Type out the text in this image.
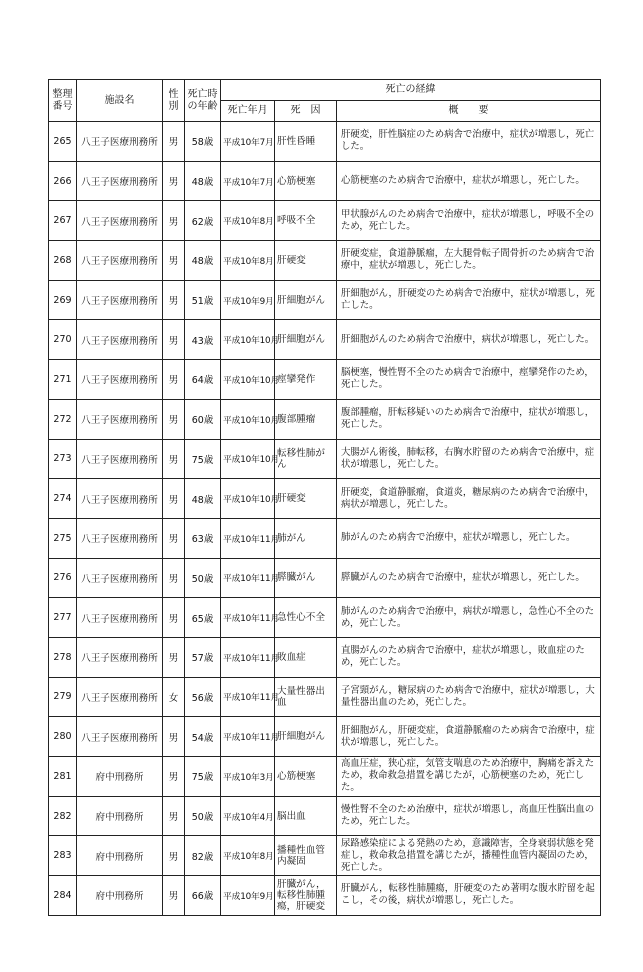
整理番号	施設名	性別	死亡時の年齢	死亡の経緯		
				死亡年月	死　因	概　　要
265	八王子医療刑務所	男	58歳	平成10年7月	肝性昏睡	肝硬変，肝性脳症のため病舎で治療中，症状が増悪し，死亡した。
266	八王子医療刑務所	男	48歳	平成10年7月	心筋梗塞	心筋梗塞のため病舎で治療中，症状が増悪し，死亡した。
267	八王子医療刑務所	男	62歳	平成10年8月	呼吸不全	甲状腺がんのため病舎で治療中，症状が増悪し，呼吸不全のため，死亡した。
268	八王子医療刑務所	男	48歳	平成10年8月	肝硬変	肝硬変症，食道静脈瘤，左大腿骨転子間骨折のため病舎で治療中，症状が増悪し，死亡した。
269	八王子医療刑務所	男	51歳	平成10年9月	肝細胞がん	肝細胞がん，肝硬変のため病舎で治療中，症状が増悪し，死亡した。
270	八王子医療刑務所	男	43歳	平成10年10月	肝細胞がん	肝細胞がんのため病舎で治療中，病状が増悪し，死亡した。
271	八王子医療刑務所	男	64歳	平成10年10月	痙攣発作	脳梗塞，慢性腎不全のため病舎で治療中，痙攣発作のため，死亡した。
272	八王子医療刑務所	男	60歳	平成10年10月	腹部腫瘤	腹部腫瘤，肝転移疑いのため病舎で治療中，症状が増悪し，死亡した。
273	八王子医療刑務所	男	75歳	平成10年10月	転移性肺がん	大腸がん術後，肺転移，右胸水貯留のため病舎で治療中，症状が増悪し，死亡した。
274	八王子医療刑務所	男	48歳	平成10年10月	肝硬変	肝硬変，食道静脈瘤，食道炎，糖尿病のため病舎で治療中，病状が増悪し，死亡した。
275	八王子医療刑務所	男	63歳	平成10年11月	肺がん	肺がんのため病舎で治療中，症状が増悪し，死亡した。
276	八王子医療刑務所	男	50歳	平成10年11月	膵臓がん	膵臓がんのため病舎で治療中，症状が増悪し，死亡した。
277	八王子医療刑務所	男	65歳	平成10年11月	急性心不全	肺がんのため病舎で治療中，病状が増悪し，急性心不全のため，死亡した。
278	八王子医療刑務所	男	57歳	平成10年11月	敗血症	直腸がんのため病舎で治療中，症状が増悪し，敗血症のため，死亡した。
279	八王子医療刑務所	女	56歳	平成10年11月	大量性器出血	子宮頸がん，糖尿病のため病舎で治療中，症状が増悪し，大量性器出血のため，死亡した。
280	八王子医療刑務所	男	54歳	平成10年11月	肝細胞がん	肝細胞がん，肝硬変症，食道静脈瘤のため病舎で治療中，症状が増悪し，死亡した。
281	府中刑務所	男	75歳	平成10年3月	心筋梗塞	高血圧症，狭心症，気管支喘息のため治療中，胸痛を訴えたため，救命救急措置を講じたが，心筋梗塞のため，死亡した。
282	府中刑務所	男	50歳	平成10年4月	脳出血	慢性腎不全のため治療中，症状が増悪し，高血圧性脳出血のため，死亡した。
283	府中刑務所	男	82歳	平成10年8月	播種性血管内凝固	尿路感染症による発熱のため，意識障害，全身衰弱状態を発症し，救命救急措置を講じたが，播種性血管内凝固のため，死亡した。
284	府中刑務所	男	66歳	平成10年9月	肝臓がん，転移性肺腫瘍，肝硬変	肝臓がん，転移性肺腫瘍，肝硬変のため著明な腹水貯留を起こし，その後，病状が増悪し，死亡した。
